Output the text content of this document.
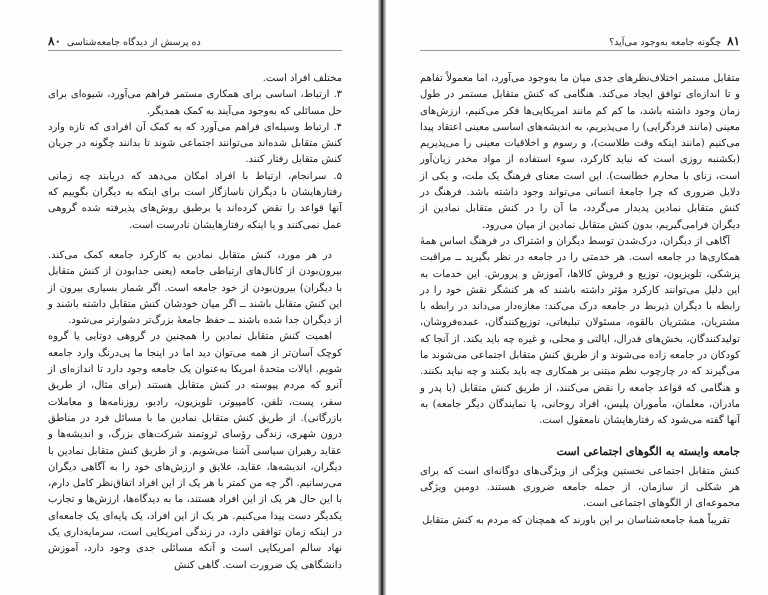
۸۰ ده پرسش از دیدگاه جامعه‌شناسی

مختلف افراد است.

۳. ارتباط، اساسی برای همکاری مستمر فراهم می‌آورد، شیوه‌ای برای حل مسائلی که به‌وجود می‌آیند به کمک همدیگر.
۴. ارتباط وسیله‌ای فراهم می‌آورد که به کمک آن افرادی که تازه وارد کنش متقابل شده‌اند می‌توانند اجتماعی شوند تا بدانند چگونه در جریان کنش متقابل رفتار کنند.
۵. سرانجام، ارتباط با افراد امکان می‌دهد که دریابند چه زمانی رفتارهایشان با دیگران ناسازگار است برای اینکه به دیگران بگوییم که آنها قواعد را نقض کرده‌اند یا برطبق روش‌های پذیرفته شده گروهی عمل نمی‌کنند و یا اینکه رفتارهایشان نادرست است.

در هر مورد، کنش متقابل نمادین به کارکرد جامعه کمک می‌کند. بیرون‌بودن از کانال‌های ارتباطی جامعه (یعنی جدابودن از کنش متقابل با دیگران) بیرون‌بودن از خود جامعه است. اگر شمار بسیاری بیرون از این کنش متقابل باشند ــ اگر میان خودشان کنش متقابل داشته باشند و از دیگران جدا شده باشند ــ حفظ جامعهٔ بزرگ‌تر دشوارتر می‌شود.

اهمیت کنش متقابل نمادین را همچنین در گروهی دوتایی یا گروه کوچک آسان‌تر از همه می‌توان دید اما در اینجا ما پی‌درنگ وارد جامعه شویم. ایالات متحدهٔ امریکا به‌عنوان یک جامعه وجود دارد تا اندازه‌ای از آنرو که مردم پیوسته در کنش متقابل هستند (برای مثال، از طریق سفر، پست، تلفن، کامپیوتر، تلویزیون، رادیو، روزنامه‌ها و معاملات بازرگانی). از طریق کنش متقابل نمادین ما با مسائل فرد در مناطق درون شهری، زندگی رؤسای ثروتمند شرکت‌های بزرگ، و اندیشه‌ها و عقاید رهبران سیاسی آشنا می‌شویم. و از طریق کنش متقابل نمادین با دیگران، اندیشه‌ها، عقاید، علایق و ارزش‌های خود را به آگاهی دیگران می‌رسانیم. اگر چه من کمتر با هر یک از این افراد اتفاق‌نظر کامل دارم، با این حال هر یک از این افراد هستند، ما به دیدگاه‌ها، ارزش‌ها و تجارب یکدیگر دست پیدا می‌کنیم. هر یک از این افراد، یک پایه‌ای یک جامعه‌ای در اینکه زمان توافقی دارد، در زندگی امریکایی است، سرمایه‌داری یک نهاد سالم امریکایی است و آنکه مسائلی جدی وجود دارد، آموزش دانشگاهی یک ضرورت است. گاهی کنش

۸۱
چگونه جامعه به‌وجود می‌آید؟

متقابل مستمر اختلاف‌نظرهای جدی میان ما به‌وجود می‌آورد، اما معمولاً تفاهم و تا اندازه‌ای توافق ایجاد می‌کند. هنگامی که کنش متقابل مستمر در طول زمان وجود داشته باشد، ما کم کم مانند امریکایی‌ها فکر می‌کنیم، ارزش‌های معینی (مانند فردگرایی) را می‌پذیریم، به اندیشه‌های اساسی معینی اعتقاد پیدا می‌کنیم (مانند اینکه وقت طلاست)، و رسوم و اخلاقیات معینی را می‌پذیریم (بکشنبه روزی است که نباید کارکرد، سوء استفاده از مواد مخدر زیان‌آور است، زنای با محارم خطاست). این است معنای فرهنگ یک ملت، و یکی از دلایل ضروری که چرا جامعهٔ انسانی می‌تواند وجود داشته باشد. فرهنگ در کنش متقابل نمادین پدیدار می‌گردد، ما آن را در کنش متقابل نمادین از دیگران فرامی‌گیریم، بدون کنش متقابل نمادین از میان می‌رود.

آگاهی از دیگران، درک‌شدن توسط دیگران و اشتراک در فرهنگ اساس همهٔ همکاری‌ها در جامعه است. هر خدمتی را در جامعه در نظر بگیرید ــ مراقبت پزشکی، تلویزیون، توزیع و فروش کالاها، آموزش و پرورش. این خدمات به این دلیل می‌توانند کارکرد مؤثر داشته باشند که هر کنشگر نقش خود را در رابطه با دیگران ذیربط در جامعه درک می‌کند: مغازه‌دار می‌داند در رابطه با مشتریان، مشتریان بالقوه، مسئولان تبلیغاتی، توزیع‌کنندگان، عمده‌فروشان، تولیدکنندگان، بخش‌های فدرال، ایالتی و محلی، و غیره چه باید بکند. از آنجا که کودکان در جامعه زاده می‌شوند و از طریق کنش متقابل اجتماعی می‌شوند ما می‌گیرند که در چارچوب نظم مبتنی بر همکاری چه باید بکنند و چه نباید بکنند. و هنگامی که قواعد جامعه را نقض می‌کنند، از طریق کنش متقابل (با پدر و مادران، معلمان، مأموران پلیس، افراد روحانی، یا نمایندگان دیگر جامعه) به آنها گفته می‌شود که رفتارهایشان نامعقول است.

جامعه وابسته به الگوهای اجتماعی است

کنش متقابل اجتماعی نخستین ویژگی از ویژگی‌های دوگانه‌ای است که برای هر شکلی از سازمان، از جمله جامعه ضروری هستند. دومین ویژگی مجموعه‌ای از الگوهای اجتماعی است.

تقریباً همهٔ جامعه‌شناسان بر این باورند که همچنان که مردم به کنش متقابل
